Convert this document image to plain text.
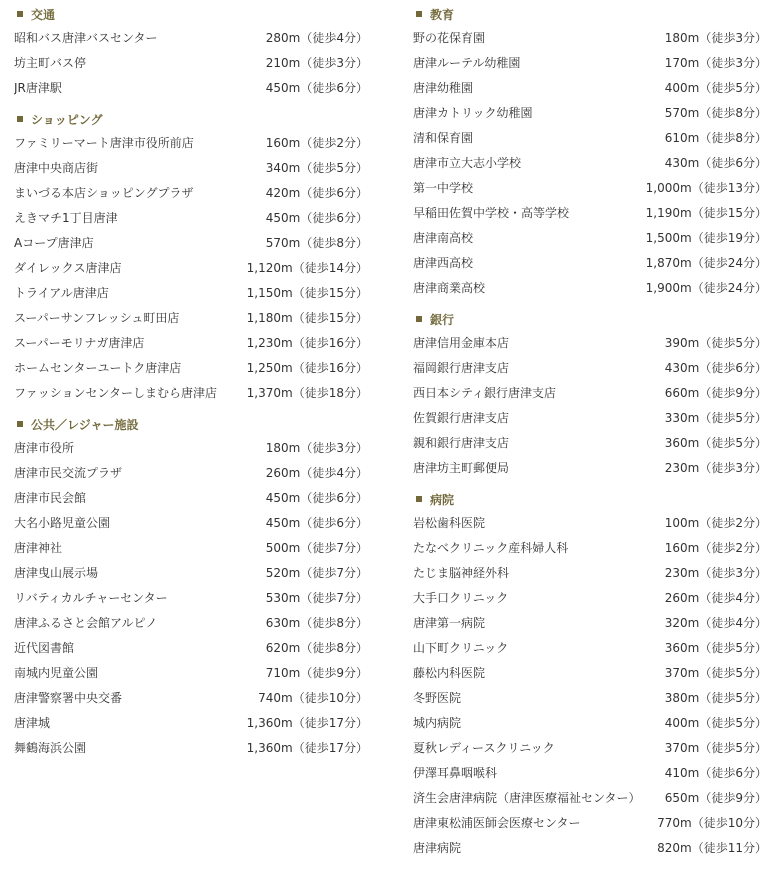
交通
昭和バス唐津バスセンター	280m（徒歩4分）
坊主町バス停	210m（徒歩3分）
JR唐津駅	450m（徒歩6分）
ショッピング
ファミリーマート唐津市役所前店	160m（徒歩2分）
唐津中央商店街	340m（徒歩5分）
まいづる本店ショッピングプラザ	420m（徒歩6分）
えきマチ1丁目唐津	450m（徒歩6分）
Aコープ唐津店	570m（徒歩8分）
ダイレックス唐津店	1,120m（徒歩14分）
トライアル唐津店	1,150m（徒歩15分）
スーパーサンフレッシュ町田店	1,180m（徒歩15分）
スーパーモリナガ唐津店	1,230m（徒歩16分）
ホームセンターユートク唐津店	1,250m（徒歩16分）
ファッションセンターしまむら唐津店 1,370m（徒歩18分）
公共／レジャー施設
唐津市役所	180m（徒歩3分）
唐津市民交流プラザ	260m（徒歩4分）
唐津市民会館	450m（徒歩6分）
大名小路児童公園	450m（徒歩6分）
唐津神社	500m（徒歩7分）
唐津曳山展示場	520m（徒歩7分）
リバティカルチャーセンター	530m（徒歩7分）
唐津ふるさと会館アルピノ	630m（徒歩8分）
近代図書館	620m（徒歩8分）
南城内児童公園	710m（徒歩9分）
唐津警察署中央交番	740m（徒歩10分）
唐津城	1,360m（徒歩17分）
舞鶴海浜公園	1,360m（徒歩17分）
教育
野の花保育園	180m（徒歩3分）
唐津ルーテル幼稚園	170m（徒歩3分）
唐津幼稚園	400m（徒歩5分）
唐津カトリック幼稚園	570m（徒歩8分）
清和保育園	610m（徒歩8分）
唐津市立大志小学校	430m（徒歩6分）
第一中学校	1,000m（徒歩13分）
早稲田佐賀中学校・高等学校	1,190m（徒歩15分）
唐津南高校	1,500m（徒歩19分）
唐津西高校	1,870m（徒歩24分）
唐津商業高校	1,900m（徒歩24分）
銀行
唐津信用金庫本店	390m（徒歩5分）
福岡銀行唐津支店	430m（徒歩6分）
西日本シティ銀行唐津支店	660m（徒歩9分）
佐賀銀行唐津支店	330m（徒歩5分）
親和銀行唐津支店	360m（徒歩5分）
唐津坊主町郵便局	230m（徒歩3分）
病院
岩松歯科医院	100m（徒歩2分）
たなべクリニック産科婦人科	160m（徒歩2分）
たじま脳神経外科	230m（徒歩3分）
大手口クリニック	260m（徒歩4分）
唐津第一病院	320m（徒歩4分）
山下町クリニック	360m（徒歩5分）
藤松内科医院	370m（徒歩5分）
冬野医院	380m（徒歩5分）
城内病院	400m（徒歩5分）
夏秋レディースクリニック	370m（徒歩5分）
伊澤耳鼻咽喉科	410m（徒歩6分）
済生会唐津病院（唐津医療福祉センター） 650m（徒歩9分）
唐津東松浦医師会医療センター	770m（徒歩10分）
唐津病院	820m（徒歩11分）
